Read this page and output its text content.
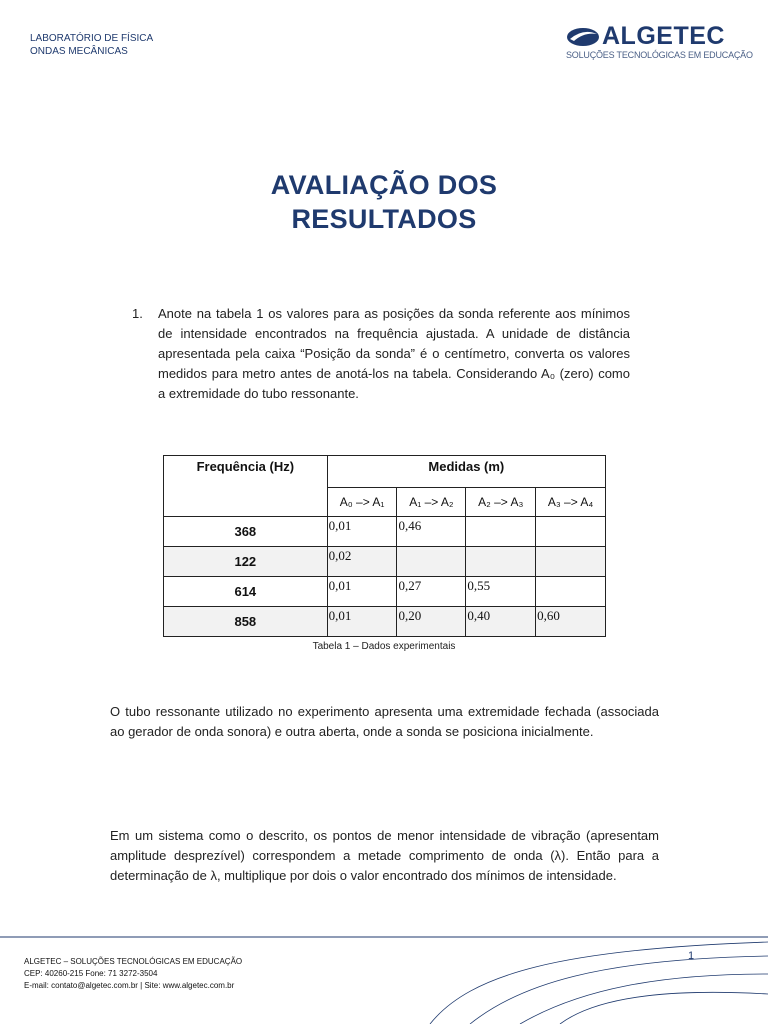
LABORATÓRIO DE FÍSICA
ONDAS MECÂNICAS
ALGETEC
SOLUÇÕES TECNOLÓGICAS EM EDUCAÇÃO
AVALIAÇÃO DOS
RESULTADOS
1.	Anote na tabela 1 os valores para as posições da sonda referente aos mínimos de intensidade encontrados na frequência ajustada. A unidade de distância apresentada pela caixa “Posição da sonda” é o centímetro, converta os valores medidos para metro antes de anotá-los na tabela. Considerando A₀ (zero) como a extremidade do tubo ressonante.
Frequência (Hz)	Medidas (m)			
	A₀ –> A₁	A₁ –> A₂	A₂ –> A₃	A₃ –> A₄
368	0,01	0,46		
122	0,02			
614	0,01	0,27	0,55	
858	0,01	0,20	0,40	0,60
Tabela 1 – Dados experimentais
O tubo ressonante utilizado no experimento apresenta uma extremidade fechada (associada ao gerador de onda sonora) e outra aberta, onde a sonda se posiciona inicialmente.
Em um sistema como o descrito, os pontos de menor intensidade de vibração (apresentam amplitude desprezível) correspondem a metade comprimento de onda (λ). Então para a determinação de λ, multiplique por dois o valor encontrado dos mínimos de intensidade.
ALGETEC – SOLUÇÕES TECNOLÓGICAS EM EDUCAÇÃO
CEP: 40260-215 Fone: 71 3272-3504
E-mail: contato@algetec.com.br | Site: www.algetec.com.br
1
